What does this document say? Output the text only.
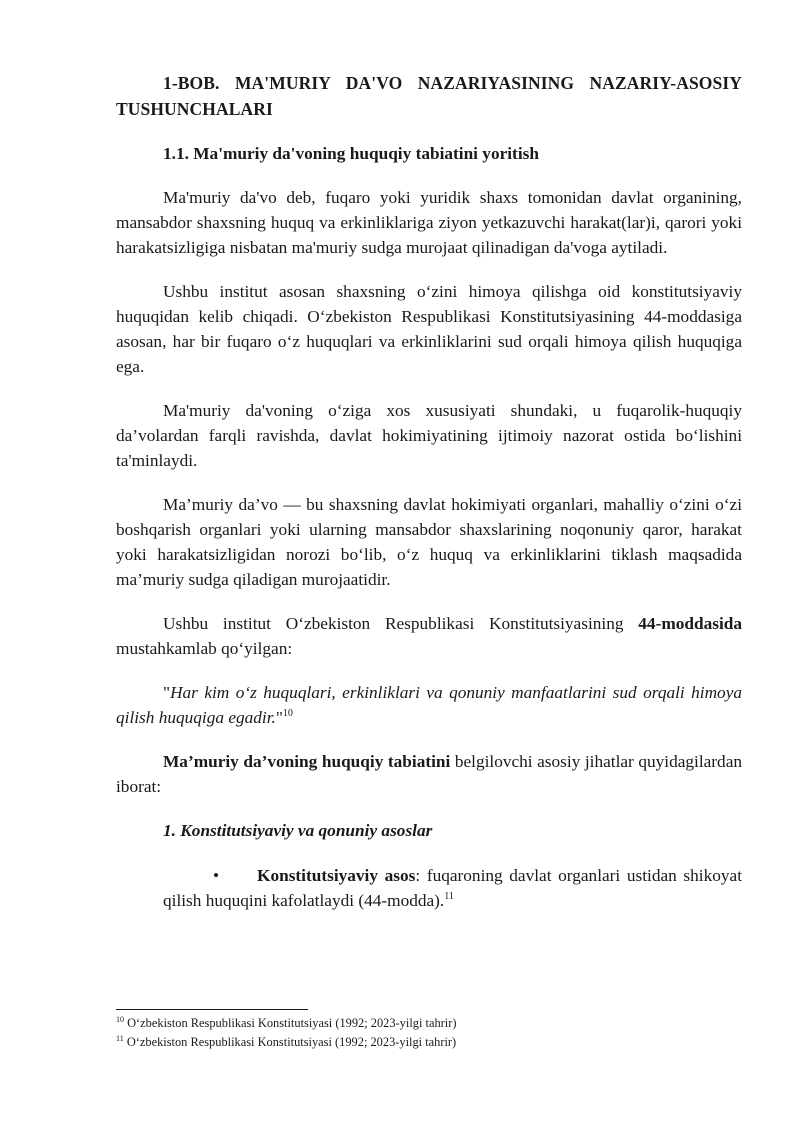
1-BOB. MA'MURIY DA'VO NAZARIYASINING NAZARIY-ASOSIY TUSHUNCHALARI

1.1. Ma'muriy da'voning huquqiy tabiatini yoritish

Ma'muriy da'vo deb, fuqaro yoki yuridik shaxs tomonidan davlat organining, mansabdor shaxsning huquq va erkinliklariga ziyon yetkazuvchi harakat(lar)i, qarori yoki harakatsizligiga nisbatan ma'muriy sudga murojaat qilinadigan da'voga aytiladi.

Ushbu institut asosan shaxsning o‘zini himoya qilishga oid konstitutsiyaviy huquqidan kelib chiqadi. O‘zbekiston Respublikasi Konstitutsiyasining 44-moddasiga asosan, har bir fuqaro o‘z huquqlari va erkinliklarini sud orqali himoya qilish huquqiga ega.

Ma'muriy da'voning o‘ziga xos xususiyati shundaki, u fuqarolik-huquqiy da’volardan farqli ravishda, davlat hokimiyatining ijtimoiy nazorat ostida bo‘lishini ta'minlaydi.

Ma’muriy da’vo — bu shaxsning davlat hokimiyati organlari, mahalliy o‘zini o‘zi boshqarish organlari yoki ularning mansabdor shaxslarining noqonuniy qaror, harakat yoki harakatsizligidan norozi bo‘lib, o‘z huquq va erkinliklarini tiklash maqsadida ma’muriy sudga qiladigan murojaatidir.

Ushbu institut O‘zbekiston Respublikasi Konstitutsiyasining 44-moddasida mustahkamlab qo‘yilgan:

"Har kim o‘z huquqlari, erkinliklari va qonuniy manfaatlarini sud orqali himoya qilish huquqiga egadir."$^{10}$

Ma’muriy da’voning huquqiy tabiatini belgilovchi asosiy jihatlar quyidagilardan iborat:

1. Konstitutsiyaviy va qonuniy asoslar

•	Konstitutsiyaviy asos: fuqaroning davlat organlari ustidan shikoyat qilish huquqini kafolatlaydi (44-modda).$^{11}$

$^{10}$ O‘zbekiston Respublikasi Konstitutsiyasi (1992; 2023-yilgi tahrir)
$^{11}$ O‘zbekiston Respublikasi Konstitutsiyasi (1992; 2023-yilgi tahrir)
